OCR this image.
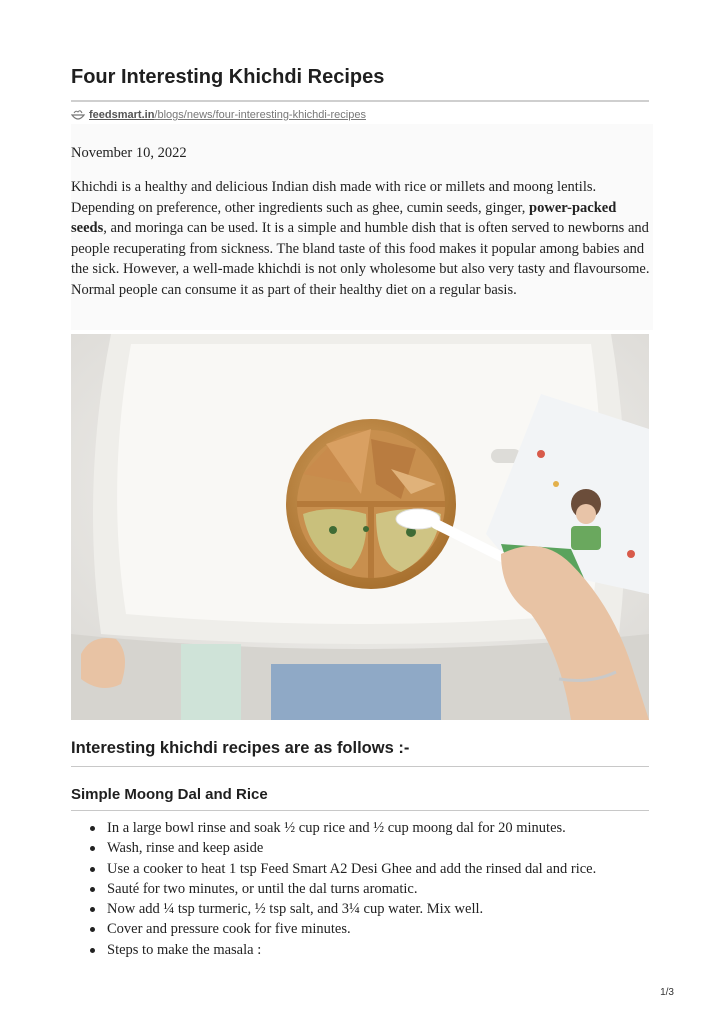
Four Interesting Khichdi Recipes
feedsmart.in /blogs/news/four-interesting-khichdi-recipes
November 10, 2022

Khichdi is a healthy and delicious Indian dish made with rice or millets and moong lentils. Depending on preference, other ingredients such as ghee, cumin seeds, ginger, power-packed seeds, and moringa can be used. It is a simple and humble dish that is often served to newborns and people recuperating from sickness. The bland taste of this food makes it popular among babies and the sick. However, a well-made khichdi is not only wholesome but also very tasty and flavoursome. Normal people can consume it as part of their healthy diet on a regular basis.

Interesting khichdi recipes are as follows :-
Simple Moong Dal and Rice
In a large bowl rinse and soak ½ cup rice and ½ cup moong dal for 20 minutes.
Wash, rinse and keep aside
Use a cooker to heat 1 tsp Feed Smart A2 Desi Ghee and add the rinsed dal and rice.
Sauté for two minutes, or until the dal turns aromatic.
Now add ¼ tsp turmeric, ½ tsp salt, and 3¼ cup water. Mix well.
Cover and pressure cook for five minutes.
Steps to make the masala :
1/3
